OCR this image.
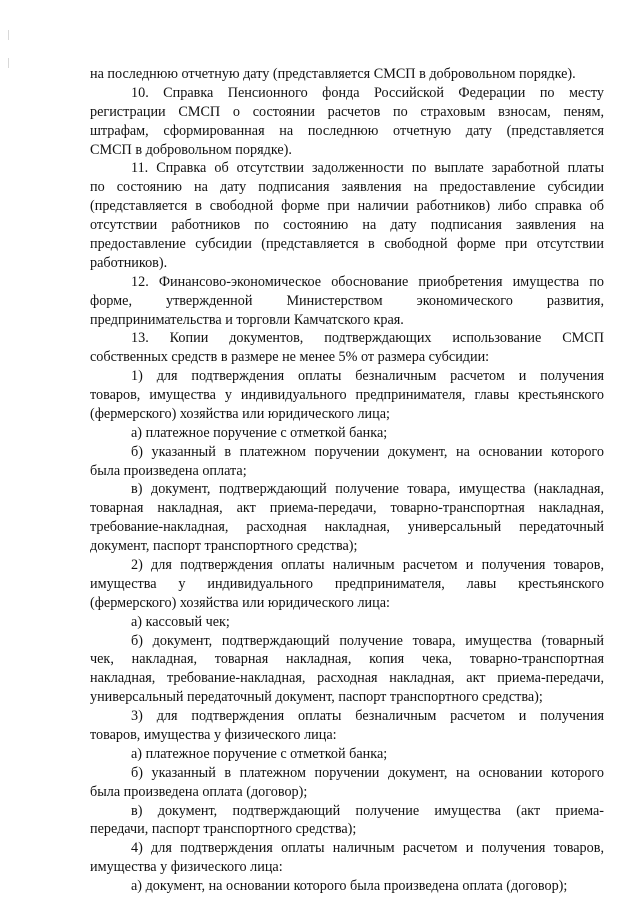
на последнюю отчетную дату (представляется СМСП в добровольном порядке).
10. Справка Пенсионного фонда Российской Федерации по месту
регистрации СМСП о состоянии расчетов по страховым взносам, пеням,
штрафам, сформированная на последнюю отчетную дату (представляется
СМСП в добровольном порядке).
11. Справка об отсутствии задолженности по выплате заработной платы
по состоянию на дату подписания заявления на предоставление субсидии
(представляется в свободной форме при наличии работников) либо справка об
отсутствии работников по состоянию на дату подписания заявления на
предоставление субсидии (представляется в свободной форме при отсутствии
работников).
12. Финансово-экономическое обоснование приобретения имущества по
форме, утвержденной Министерством экономического развития,
предпринимательства и торговли Камчатского края.
13. Копии документов, подтверждающих использование СМСП
собственных средств в размере не менее 5% от размера субсидии:
1) для подтверждения оплаты безналичным расчетом и получения
товаров, имущества у индивидуального предпринимателя, главы крестьянского
(фермерского) хозяйства или юридического лица;
а) платежное поручение с отметкой банка;
б) указанный в платежном поручении документ, на основании которого
была произведена оплата;
в) документ, подтверждающий получение товара, имущества (накладная,
товарная накладная, акт приема-передачи, товарно-транспортная накладная,
требование-накладная, расходная накладная, универсальный передаточный
документ, паспорт транспортного средства);
2) для подтверждения оплаты наличным расчетом и получения товаров,
имущества у индивидуального предпринимателя, лавы крестьянского
(фермерского) хозяйства или юридического лица:
а) кассовый чек;
б) документ, подтверждающий получение товара, имущества (товарный
чек, накладная, товарная накладная, копия чека, товарно-транспортная
накладная, требование-накладная, расходная накладная, акт приема-передачи,
универсальный передаточный документ, паспорт транспортного средства);
3) для подтверждения оплаты безналичным расчетом и получения
товаров, имущества у физического лица:
а) платежное поручение с отметкой банка;
б) указанный в платежном поручении документ, на основании которого
была произведена оплата (договор);
в) документ, подтверждающий получение имущества (акт приема-
передачи, паспорт транспортного средства);
4) для подтверждения оплаты наличным расчетом и получения товаров,
имущества у физического лица:
а) документ, на основании которого была произведена оплата (договор);
